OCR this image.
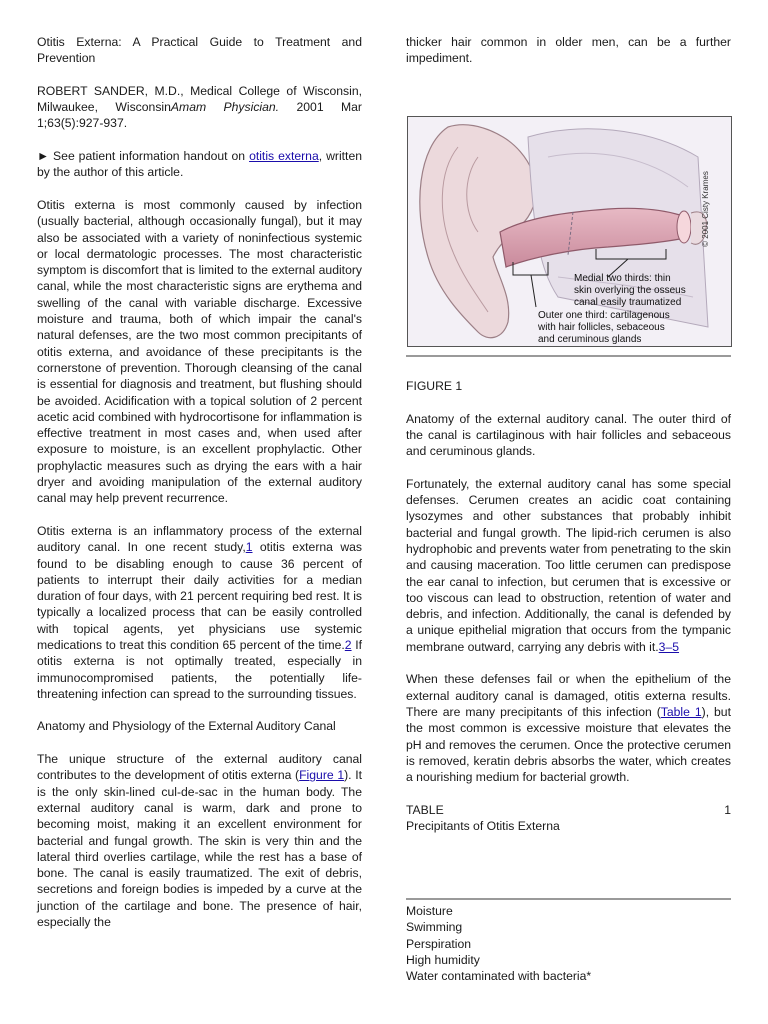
Otitis Externa: A Practical Guide to Treatment and Prevention

ROBERT SANDER, M.D., Medical College of Wisconsin, Milwaukee, WisconsinAmam Physician. 2001 Mar 1;63(5):927-937.

► See patient information handout on otitis externa, written by the author of this article.

Otitis externa is most commonly caused by infection (usually bacterial, although occasionally fungal), but it may also be associated with a variety of noninfectious systemic or local dermatologic processes. The most characteristic symptom is discomfort that is limited to the external auditory canal, while the most characteristic signs are erythema and swelling of the canal with variable discharge. Excessive moisture and trauma, both of which impair the canal's natural defenses, are the two most common precipitants of otitis externa, and avoidance of these precipitants is the cornerstone of prevention. Thorough cleansing of the canal is essential for diagnosis and treatment, but flushing should be avoided. Acidification with a topical solution of 2 percent acetic acid combined with hydrocortisone for inflammation is effective treatment in most cases and, when used after exposure to moisture, is an excellent prophylactic. Other prophylactic measures such as drying the ears with a hair dryer and avoiding manipulation of the external auditory canal may help prevent recurrence.

Otitis externa is an inflammatory process of the external auditory canal. In one recent study,1 otitis externa was found to be disabling enough to cause 36 percent of patients to interrupt their daily activities for a median duration of four days, with 21 percent requiring bed rest. It is typically a localized process that can be easily controlled with topical agents, yet physicians use systemic medications to treat this condition 65 percent of the time.2 If otitis externa is not optimally treated, especially in immunocompromised patients, the potentially life-threatening infection can spread to the surrounding tissues.

Anatomy and Physiology of the External Auditory Canal

The unique structure of the external auditory canal contributes to the development of otitis externa (Figure 1). It is the only skin-lined cul-de-sac in the human body. The external auditory canal is warm, dark and prone to becoming moist, making it an excellent environment for bacterial and fungal growth. The skin is very thin and the lateral third overlies cartilage, while the rest has a base of bone. The canal is easily traumatized. The exit of debris, secretions and foreign bodies is impeded by a curve at the junction of the cartilage and bone. The presence of hair, especially the

thicker hair common in older men, can be a further impediment.

© 2001 Cisty Krames
Medial two thirds: thin skin overlying the osseus canal easily traumatized
Outer one third: cartilagenous with hair follicles, sebaceous and ceruminous glands

FIGURE 1

Anatomy of the external auditory canal. The outer third of the canal is cartilaginous with hair follicles and sebaceous and ceruminous glands.

Fortunately, the external auditory canal has some special defenses. Cerumen creates an acidic coat containing lysozymes and other substances that probably inhibit bacterial and fungal growth. The lipid-rich cerumen is also hydrophobic and prevents water from penetrating to the skin and causing maceration. Too little cerumen can predispose the ear canal to infection, but cerumen that is excessive or too viscous can lead to obstruction, retention of water and debris, and infection. Additionally, the canal is defended by a unique epithelial migration that occurs from the tympanic membrane outward, carrying any debris with it.3–5

When these defenses fail or when the epithelium of the external auditory canal is damaged, otitis externa results. There are many precipitants of this infection (Table 1), but the most common is excessive moisture that elevates the pH and removes the cerumen. Once the protective cerumen is removed, keratin debris absorbs the water, which creates a nourishing medium for bacterial growth.

TABLE	1
Precipitants of Otitis Externa
Moisture
Swimming
Perspiration
High humidity
Water contaminated with bacteria*
